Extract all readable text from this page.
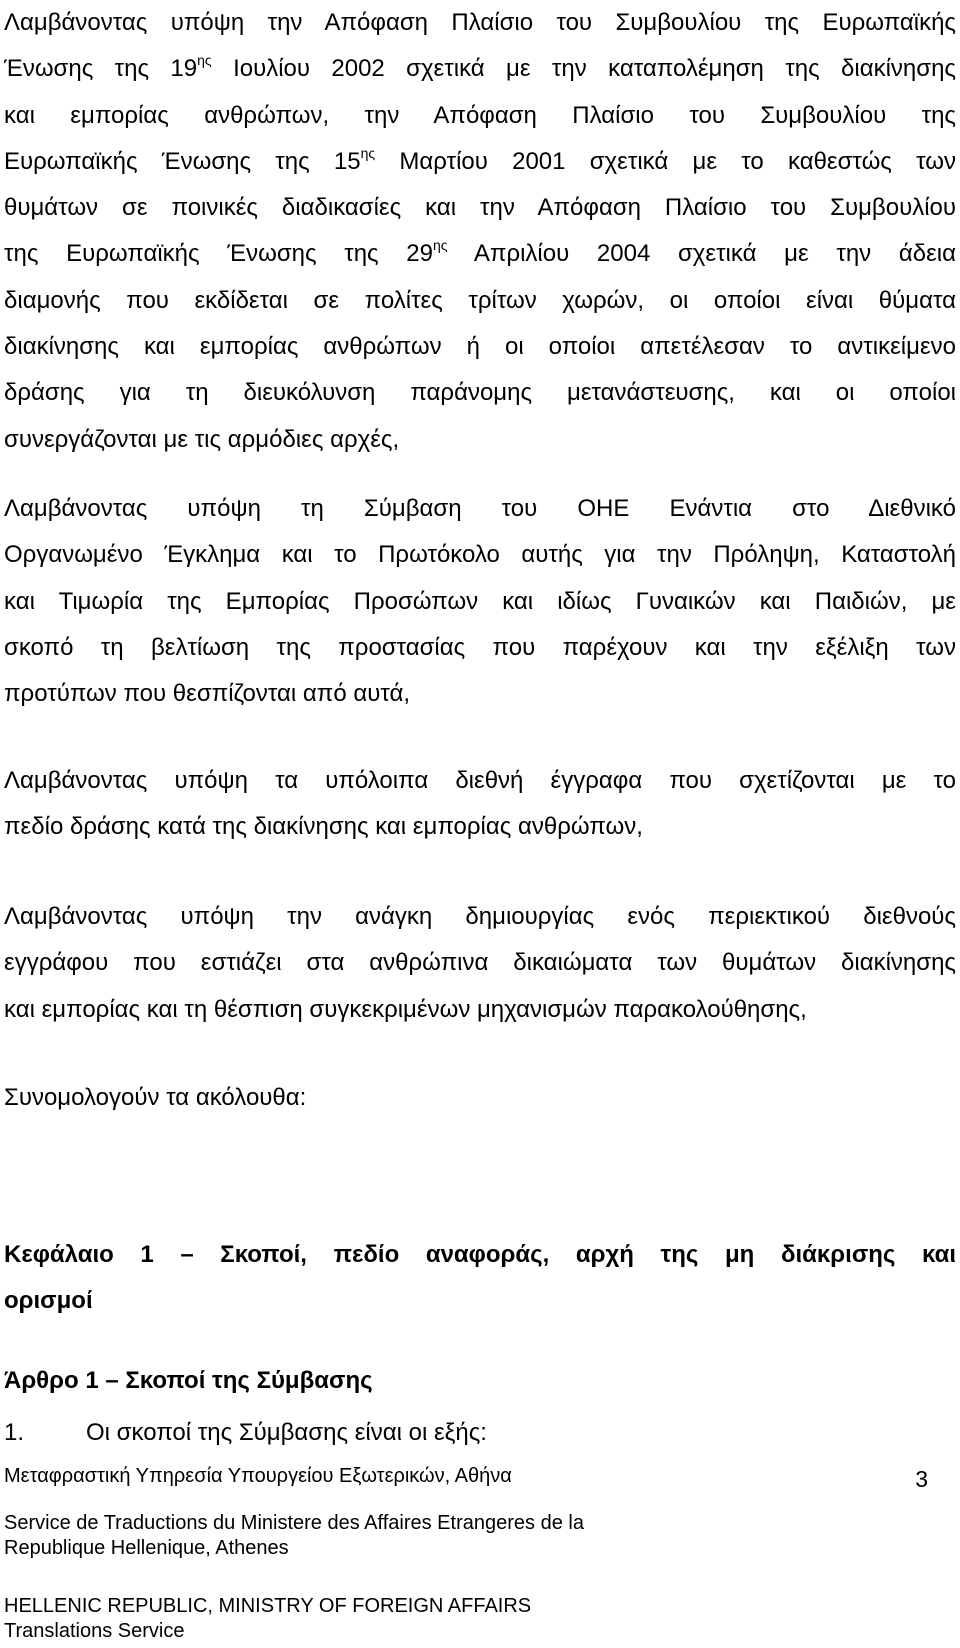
Λαμβάνοντας υπόψη την Απόφαση Πλαίσιο του Συμβουλίου της Ευρωπαϊκής
Ένωσης της $19^{\eta\varsigma}$ Ιουλίου 2002 σχετικά με την καταπολέμηση της διακίνησης
και εμπορίας ανθρώπων, την Απόφαση Πλαίσιο του Συμβουλίου της
Ευρωπαϊκής Ένωσης της $15^{\eta\varsigma}$ Μαρτίου 2001 σχετικά με το καθεστώς των
θυμάτων σε ποινικές διαδικασίες και την Απόφαση Πλαίσιο του Συμβουλίου
της Ευρωπαϊκής Ένωσης της $29^{\eta\varsigma}$ Απριλίου 2004 σχετικά με την άδεια
διαμονής που εκδίδεται σε πολίτες τρίτων χωρών, οι οποίοι είναι θύματα
διακίνησης και εμπορίας ανθρώπων ή οι οποίοι απετέλεσαν το αντικείμενο
δράσης για τη διευκόλυνση παράνομης μετανάστευσης, και οι οποίοι
συνεργάζονται με τις αρμόδιες αρχές,
Λαμβάνοντας υπόψη τη Σύμβαση του ΟΗΕ Ενάντια στο Διεθνικό
Οργανωμένο Έγκλημα και το Πρωτόκολο αυτής για την Πρόληψη, Καταστολή
και Τιμωρία της Εμπορίας Προσώπων και ιδίως Γυναικών και Παιδιών, με
σκοπό τη βελτίωση της προστασίας που παρέχουν και την εξέλιξη των
προτύπων που θεσπίζονται από αυτά,
Λαμβάνοντας υπόψη τα υπόλοιπα διεθνή έγγραφα που σχετίζονται με το
πεδίο δράσης κατά της διακίνησης και εμπορίας ανθρώπων,
Λαμβάνοντας υπόψη την ανάγκη δημιουργίας ενός περιεκτικού διεθνούς
εγγράφου που εστιάζει στα ανθρώπινα δικαιώματα των θυμάτων διακίνησης
και εμπορίας και τη θέσπιση συγκεκριμένων μηχανισμών παρακολούθησης,
Συνομολογούν τα ακόλουθα:
Κεφάλαιο 1 – Σκοποί, πεδίο αναφοράς, αρχή της μη διάκρισης και
ορισμοί
Άρθρο 1 – Σκοποί της Σύμβασης
1.	Οι σκοποί της Σύμβασης είναι οι εξής:
Μεταφραστική Υπηρεσία Υπουργείου Εξωτερικών, Αθήνα	3
Service de Traductions du Ministere des Affaires Etrangeres de la
Republique Hellenique, Athenes
HELLENIC REPUBLIC, MINISTRY OF FOREIGN AFFAIRS
Translations Service
